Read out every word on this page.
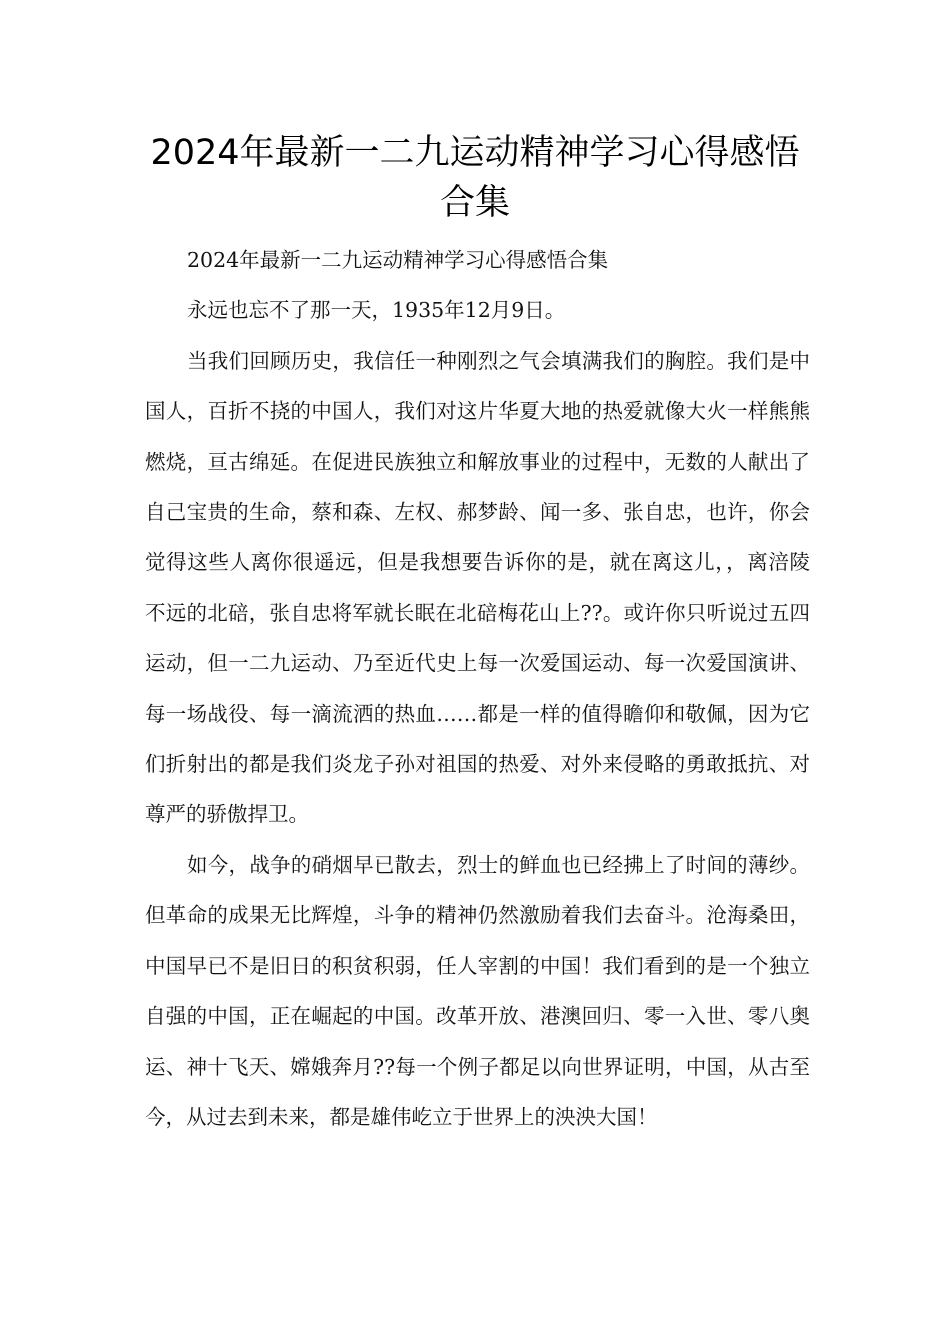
2024年最新一二九运动精神学习心得感悟合集

2024年最新一二九运动精神学习心得感悟合集

永远也忘不了那一天，1935年12月9日。

当我们回顾历史，我信任一种刚烈之气会填满我们的胸腔。我们是中国人，百折不挠的中国人，我们对这片华夏大地的热爱就像大火一样熊熊燃烧，亘古绵延。在促进民族独立和解放事业的过程中，无数的人献出了自己宝贵的生命，蔡和森、左权、郝梦龄、闻一多、张自忠，也许，你会觉得这些人离你很遥远，但是我想要告诉你的是，就在离这儿，，离涪陵不远的北碚，张自忠将军就长眠在北碚梅花山上??。或许你只听说过五四运动，但一二九运动、乃至近代史上每一次爱国运动、每一次爱国演讲、每一场战役、每一滴流洒的热血……都是一样的值得瞻仰和敬佩，因为它们折射出的都是我们炎龙子孙对祖国的热爱、对外来侵略的勇敢抵抗、对尊严的骄傲捍卫。

如今，战争的硝烟早已散去，烈士的鲜血也已经拂上了时间的薄纱。但革命的成果无比辉煌，斗争的精神仍然激励着我们去奋斗。沧海桑田，中国早已不是旧日的积贫积弱，任人宰割的中国！我们看到的是一个独立自强的中国，正在崛起的中国。改革开放、港澳回归、零一入世、零八奥运、神十飞天、嫦娥奔月??每一个例子都足以向世界证明，中国，从古至今，从过去到未来，都是雄伟屹立于世界上的泱泱大国！
